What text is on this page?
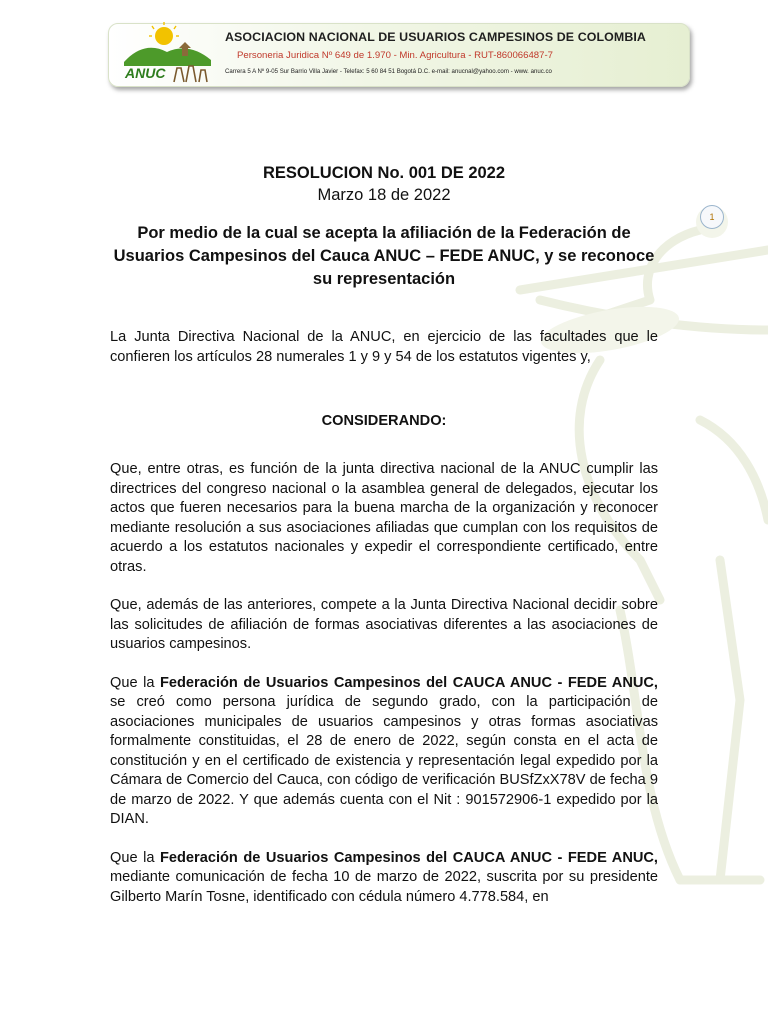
ANUC
ASOCIACION NACIONAL DE USUARIOS CAMPESINOS DE COLOMBIA
Personeria Juridica Nº 649 de 1.970 - Min. Agricultura - RUT-860066487-7
Carrera 5 A Nº 9-05 Sur Barrio Villa Javier - Telefax: 5 60 84 51 Bogotá D.C. e-mail: anucnal@yahoo.com - www. anuc.co
1

RESOLUCION No. 001 DE 2022

Marzo 18 de 2022

Por medio de la cual se acepta la afiliación de la Federación de Usuarios Campesinos del Cauca ANUC – FEDE ANUC, y se reconoce su representación

La Junta Directiva Nacional de la ANUC, en ejercicio de las facultades que le confieren los artículos 28 numerales 1 y 9 y 54 de los estatutos vigentes y,

CONSIDERANDO:

Que, entre otras, es función de la junta directiva nacional de la ANUC cumplir las directrices del congreso nacional o la asamblea general de delegados, ejecutar los actos que fueren necesarios para la buena marcha de la organización y reconocer mediante resolución a sus asociaciones afiliadas que cumplan con los requisitos de acuerdo a los estatutos nacionales y expedir el correspondiente certificado, entre otras.

Que, además de las anteriores, compete a la Junta Directiva Nacional decidir sobre las solicitudes de afiliación de formas asociativas diferentes a las asociaciones de usuarios campesinos.

Que la Federación de Usuarios Campesinos del CAUCA ANUC - FEDE ANUC, se creó como persona jurídica de segundo grado, con la participación de asociaciones municipales de usuarios campesinos y otras formas asociativas formalmente constituidas, el 28 de enero de 2022, según consta en el acta de constitución y en el certificado de existencia y representación legal expedido por la Cámara de Comercio del Cauca, con código de verificación BUSfZxX78V de fecha 9 de marzo de 2022. Y que además cuenta con el Nit : 901572906-1 expedido por la DIAN.

Que la Federación de Usuarios Campesinos del CAUCA ANUC - FEDE ANUC, mediante comunicación de fecha 10 de marzo de 2022, suscrita por su presidente Gilberto Marín Tosne, identificado con cédula número 4.778.584, en
